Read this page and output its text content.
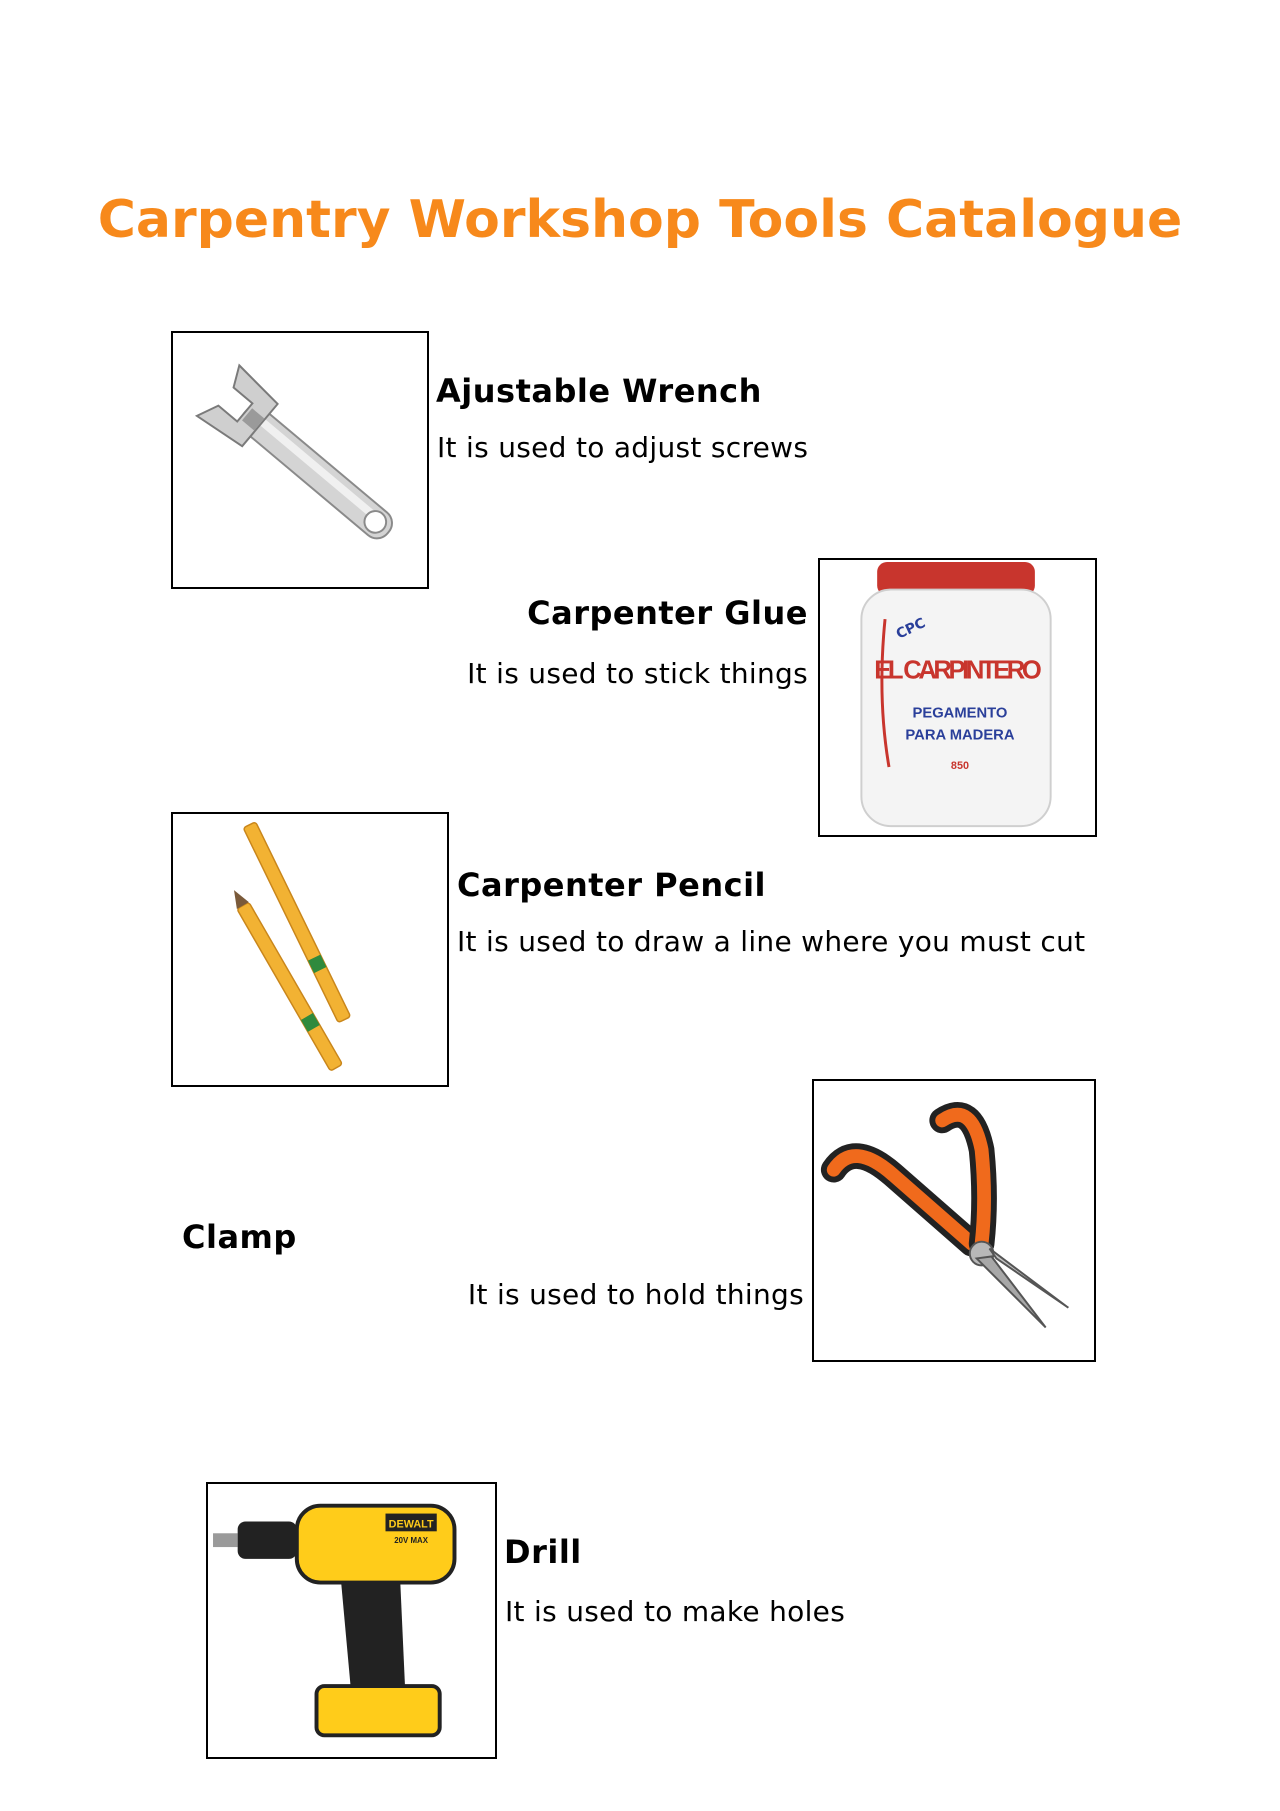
Carpentry Workshop Tools Catalogue
Ajustable Wrench
It is used to adjust screws
Carpenter Glue
It is used to stick things
CPC
EL CARPINTERO
PEGAMENTO
PARA MADERA
850
Carpenter Pencil
It is used to draw a line where you must cut
Clamp
It is used to hold things
DEWALT
20V MAX Drill
It is used to make holes
